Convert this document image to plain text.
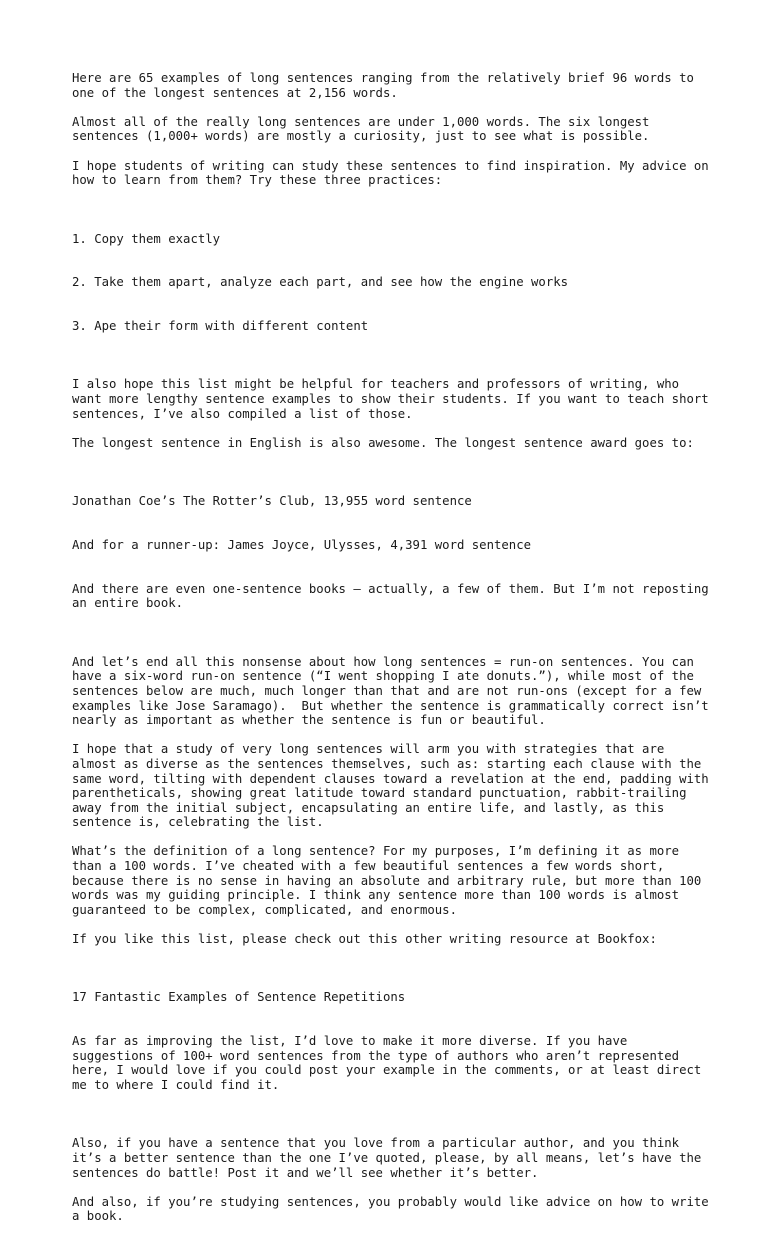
Here are 65 examples of long sentences ranging from the relatively brief 96 words to one of the longest sentences at 2,156 words.

Almost all of the really long sentences are under 1,000 words. The six longest sentences (1,000+ words) are mostly a curiosity, just to see what is possible.

I hope students of writing can study these sentences to find inspiration. My advice on how to learn from them? Try these three practices:

1. Copy them exactly

2. Take them apart, analyze each part, and see how the engine works

3. Ape their form with different content

I also hope this list might be helpful for teachers and professors of writing, who want more lengthy sentence examples to show their students. If you want to teach short sentences, I’ve also compiled a list of those.

The longest sentence in English is also awesome. The longest sentence award goes to:

Jonathan Coe’s The Rotter’s Club, 13,955 word sentence

And for a runner-up: James Joyce, Ulysses, 4,391 word sentence

And there are even one-sentence books — actually, a few of them. But I’m not reposting an entire book.

And let’s end all this nonsense about how long sentences = run-on sentences. You can have a six-word run-on sentence (“I went shopping I ate donuts.”), while most of the sentences below are much, much longer than that and are not run-ons (except for a few examples like Jose Saramago).  But whether the sentence is grammatically correct isn’t nearly as important as whether the sentence is fun or beautiful.

I hope that a study of very long sentences will arm you with strategies that are almost as diverse as the sentences themselves, such as: starting each clause with the same word, tilting with dependent clauses toward a revelation at the end, padding with parentheticals, showing great latitude toward standard punctuation, rabbit-trailing away from the initial subject, encapsulating an entire life, and lastly, as this sentence is, celebrating the list.

What’s the definition of a long sentence? For my purposes, I’m defining it as more than a 100 words. I’ve cheated with a few beautiful sentences a few words short, because there is no sense in having an absolute and arbitrary rule, but more than 100 words was my guiding principle. I think any sentence more than 100 words is almost guaranteed to be complex, complicated, and enormous.

If you like this list, please check out this other writing resource at Bookfox:

17 Fantastic Examples of Sentence Repetitions

As far as improving the list, I’d love to make it more diverse. If you have suggestions of 100+ word sentences from the type of authors who aren’t represented here, I would love if you could post your example in the comments, or at least direct me to where I could find it.

Also, if you have a sentence that you love from a particular author, and you think it’s a better sentence than the one I’ve quoted, please, by all means, let’s have the sentences do battle! Post it and we’ll see whether it’s better.

And also, if you’re studying sentences, you probably would like advice on how to write a book.
